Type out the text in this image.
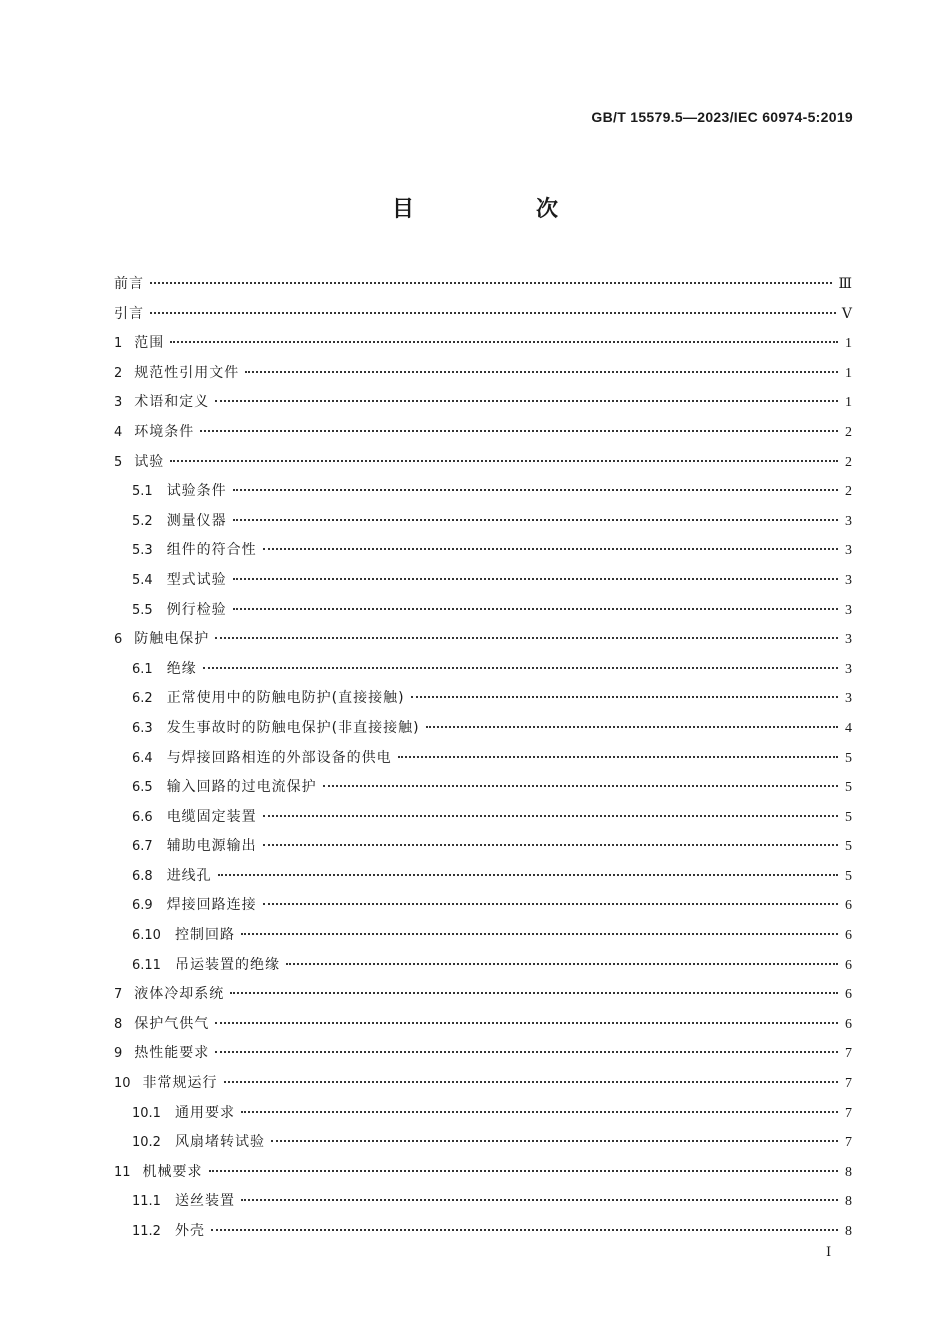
GB/T 15579.5—2023/IEC 60974-5:2019
目　次
前言	Ⅲ
引言	Ⅴ
1 范围	1
2 规范性引用文件	1
3 术语和定义	1
4 环境条件	2
5 试验	2
5.1 试验条件	2
5.2 测量仪器	3
5.3 组件的符合性	3
5.4 型式试验	3
5.5 例行检验	3
6 防触电保护	3
6.1 绝缘	3
6.2 正常使用中的防触电防护(直接接触)	3
6.3 发生事故时的防触电保护(非直接接触)	4
6.4 与焊接回路相连的外部设备的供电	5
6.5 输入回路的过电流保护	5
6.6 电缆固定装置	5
6.7 辅助电源输出	5
6.8 进线孔	5
6.9 焊接回路连接	6
6.10 控制回路	6
6.11 吊运装置的绝缘	6
7 液体冷却系统	6
8 保护气供气	6
9 热性能要求	7
10 非常规运行	7
10.1 通用要求	7
10.2 风扇堵转试验	7
11 机械要求	8
11.1 送丝装置	8
11.2 外壳	8
Ⅰ
